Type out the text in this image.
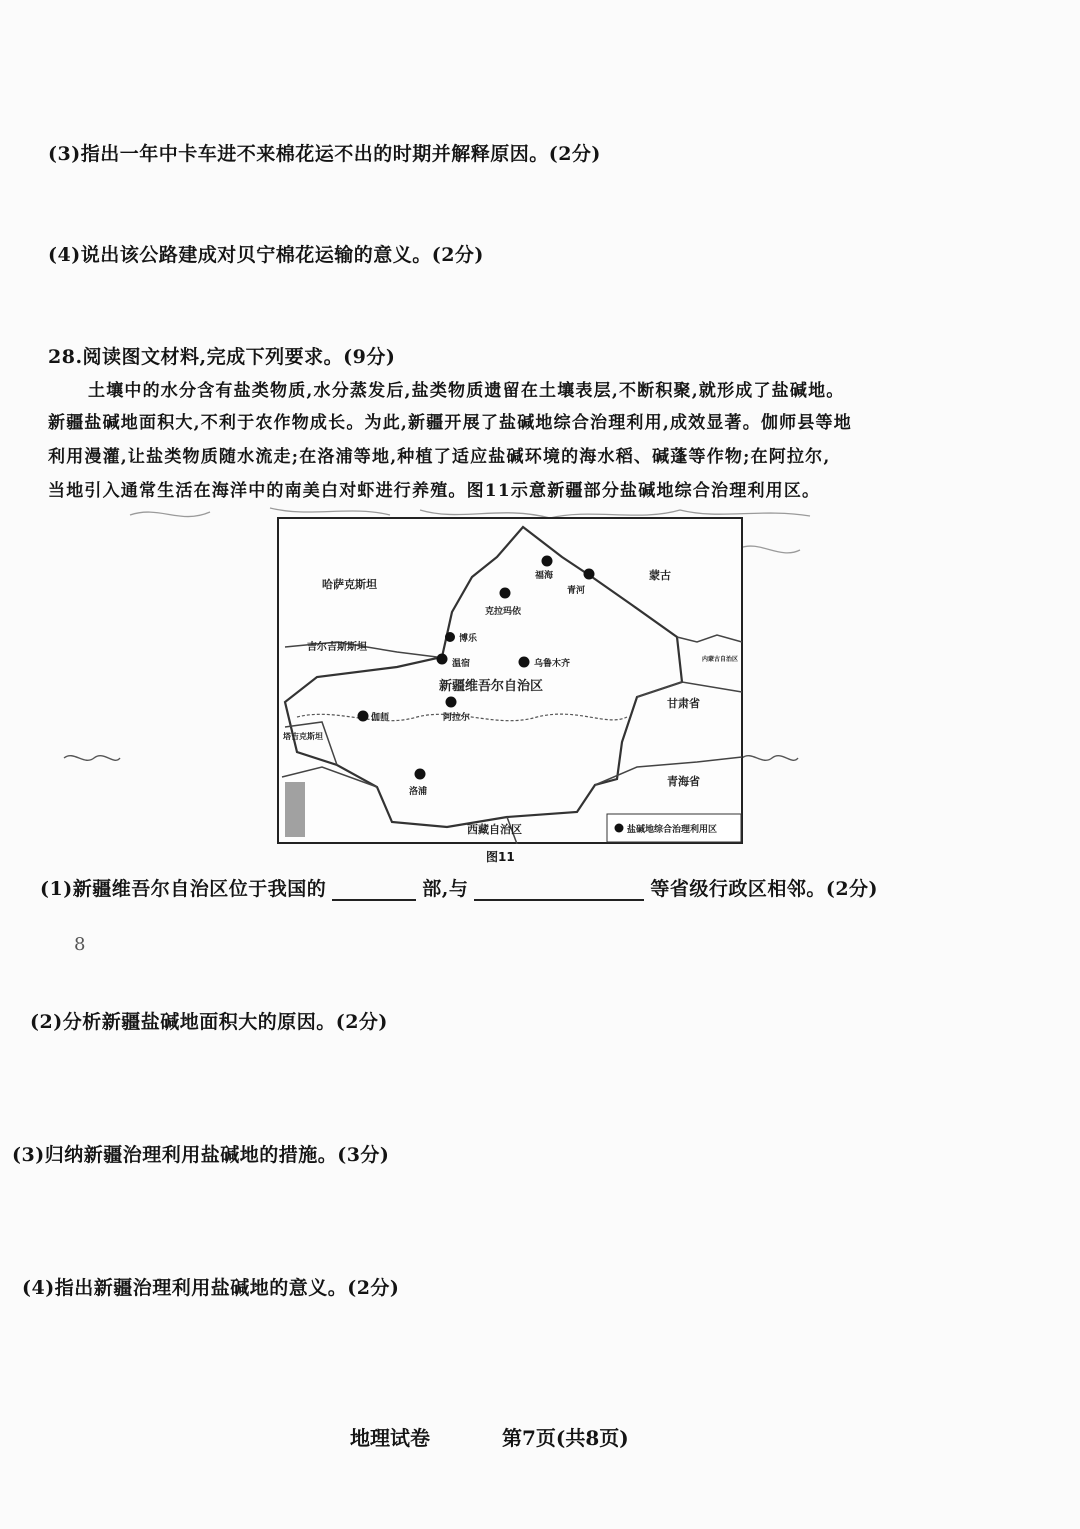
(3)指出一年中卡车进不来棉花运不出的时期并解释原因。(2分)
(4)说出该公路建成对贝宁棉花运输的意义。(2分)
28.阅读图文材料,完成下列要求。(9分)
土壤中的水分含有盐类物质,水分蒸发后,盐类物质遗留在土壤表层,不断积聚,就形成了盐碱地。
新疆盐碱地面积大,不利于农作物成长。为此,新疆开展了盐碱地综合治理利用,成效显著。伽师县等地
利用漫灌,让盐类物质随水流走;在洛浦等地,种植了适应盐碱环境的海水稻、碱蓬等作物;在阿拉尔,
当地引入通常生活在海洋中的南美白对虾进行养殖。图11示意新疆部分盐碱地综合治理利用区。
哈萨克斯坦
蒙古
吉尔吉斯斯坦
新疆维吾尔自治区
甘肃省
青海省
西藏自治区
内蒙古自治区
塔吉克斯坦
福海
青河
克拉玛依
博乐
温宿	乌鲁木齐
阿拉尔
伽师
洛浦
盐碱地综合治理利用区
图11
(1)新疆维吾尔自治区位于我国的	部,与	等省级行政区相邻。(2分)
8
(2)分析新疆盐碱地面积大的原因。(2分)
(3)归纳新疆治理利用盐碱地的措施。(3分)
(4)指出新疆治理利用盐碱地的意义。(2分)
地理试卷	第7页(共8页)
